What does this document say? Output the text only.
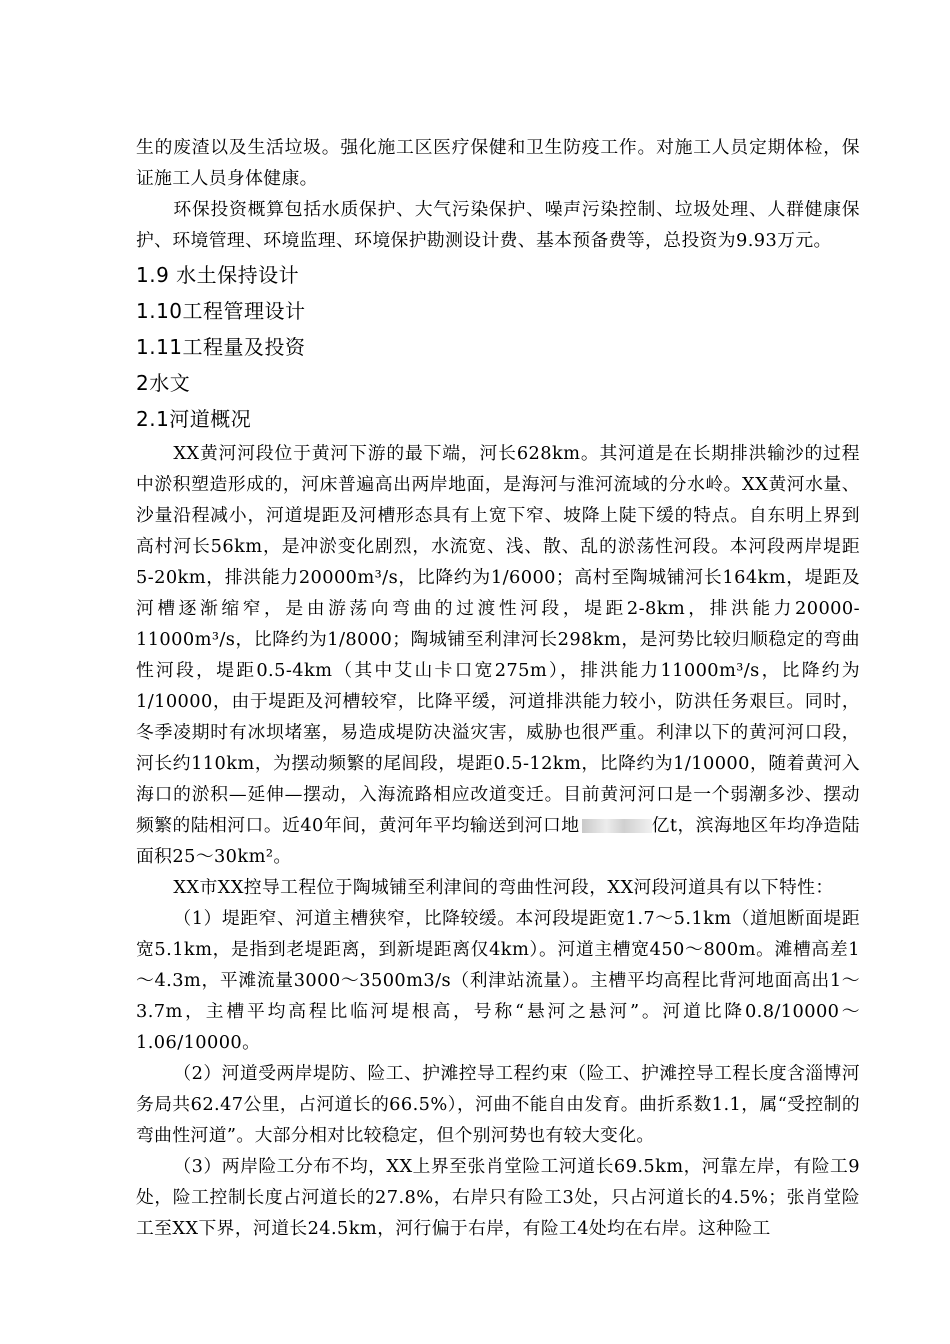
生的废渣以及生活垃圾。强化施工区医疗保健和卫生防疫工作。对施工人员定期体检，保证施工人员身体健康。

环保投资概算包括水质保护、大气污染保护、噪声污染控制、垃圾处理、人群健康保护、环境管理、环境监理、环境保护勘测设计费、基本预备费等，总投资为9.93万元。

1.9 水土保持设计
1.10工程管理设计
1.11工程量及投资
2水文
2.1河道概况

XX黄河河段位于黄河下游的最下端，河长628km。其河道是在长期排洪输沙的过程中淤积塑造形成的，河床普遍高出两岸地面，是海河与淮河流域的分水岭。XX黄河水量、沙量沿程减小，河道堤距及河槽形态具有上宽下窄、坡降上陡下缓的特点。自东明上界到高村河长56km，是冲淤变化剧烈，水流宽、浅、散、乱的淤荡性河段。本河段两岸堤距5-20km，排洪能力20000m³/s，比降约为1/6000；高村至陶城铺河长164km，堤距及河槽逐渐缩窄，是由游荡向弯曲的过渡性河段，堤距2-8km，排洪能力20000-11000m³/s，比降约为1/8000；陶城铺至利津河长298km，是河势比较归顺稳定的弯曲性河段，堤距0.5-4km（其中艾山卡口宽275m），排洪能力11000m³/s，比降约为1/10000，由于堤距及河槽较窄，比降平缓，河道排洪能力较小，防洪任务艰巨。同时，冬季凌期时有冰坝堵塞，易造成堤防决溢灾害，威胁也很严重。利津以下的黄河河口段，河长约110km，为摆动频繁的尾闾段，堤距0.5-12km，比降约为1/10000，随着黄河入海口的淤积—延伸—摆动，入海流路相应改道变迁。目前黄河河口是一个弱潮多沙、摆动频繁的陆相河口。近40年间，黄河年平均输送到河口地	亿t，滨海地区年均净造陆面积25～30km²。

XX市XX控导工程位于陶城铺至利津间的弯曲性河段，XX河段河道具有以下特性：

（1）堤距窄、河道主槽狭窄，比降较缓。本河段堤距宽1.7～5.1km（道旭断面堤距宽5.1km，是指到老堤距离，到新堤距离仅4km）。河道主槽宽450～800m。滩槽高差1～4.3m，平滩流量3000～3500m3/s（利津站流量）。主槽平均高程比背河地面高出1～3.7m，主槽平均高程比临河堤根高，号称“悬河之悬河”。河道比降0.8/10000～1.06/10000。

（2）河道受两岸堤防、险工、护滩控导工程约束（险工、护滩控导工程长度含淄博河务局共62.47公里，占河道长的66.5%），河曲不能自由发育。曲折系数1.1，属“受控制的弯曲性河道”。大部分相对比较稳定，但个别河势也有较大变化。

（3）两岸险工分布不均，XX上界至张肖堂险工河道长69.5km，河靠左岸，有险工9处，险工控制长度占河道长的27.8%，右岸只有险工3处，只占河道长的4.5%；张肖堂险工至XX下界，河道长24.5km，河行偏于右岸，有险工4处均在右岸。这种险工
